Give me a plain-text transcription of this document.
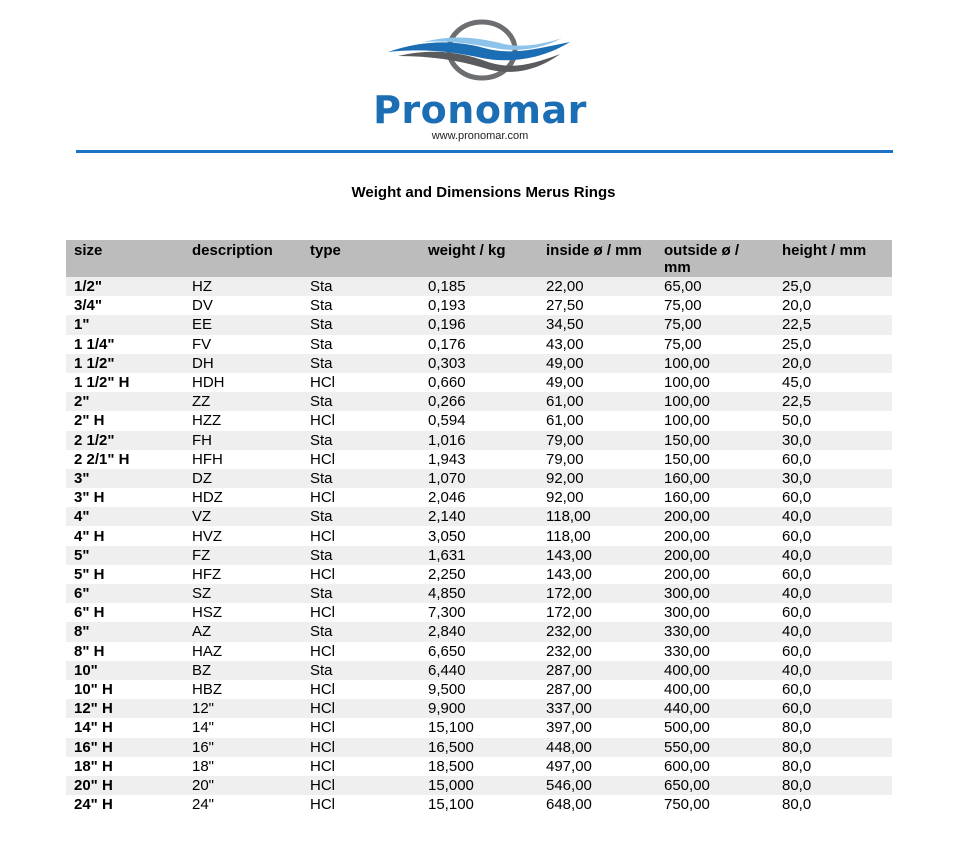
Pronomar
www.pronomar.com
Weight and Dimensions Merus Rings
size	description	type	weight / kg	inside ø / mm	outside ø / mm	height / mm
1/2"	HZ	Sta	0,185	22,00	65,00	25,0
3/4"	DV	Sta	0,193	27,50	75,00	20,0
1"	EE	Sta	0,196	34,50	75,00	22,5
1 1/4"	FV	Sta	0,176	43,00	75,00	25,0
1 1/2"	DH	Sta	0,303	49,00	100,00	20,0
1 1/2" H	HDH	HCl	0,660	49,00	100,00	45,0
2"	ZZ	Sta	0,266	61,00	100,00	22,5
2" H	HZZ	HCl	0,594	61,00	100,00	50,0
2 1/2"	FH	Sta	1,016	79,00	150,00	30,0
2 2/1" H	HFH	HCl	1,943	79,00	150,00	60,0
3"	DZ	Sta	1,070	92,00	160,00	30,0
3" H	HDZ	HCl	2,046	92,00	160,00	60,0
4"	VZ	Sta	2,140	118,00	200,00	40,0
4" H	HVZ	HCl	3,050	118,00	200,00	60,0
5"	FZ	Sta	1,631	143,00	200,00	40,0
5" H	HFZ	HCl	2,250	143,00	200,00	60,0
6"	SZ	Sta	4,850	172,00	300,00	40,0
6" H	HSZ	HCl	7,300	172,00	300,00	60,0
8"	AZ	Sta	2,840	232,00	330,00	40,0
8" H	HAZ	HCl	6,650	232,00	330,00	60,0
10"	BZ	Sta	6,440	287,00	400,00	40,0
10" H	HBZ	HCl	9,500	287,00	400,00	60,0
12" H	12"	HCl	9,900	337,00	440,00	60,0
14" H	14"	HCl	15,100	397,00	500,00	80,0
16" H	16"	HCl	16,500	448,00	550,00	80,0
18" H	18"	HCl	18,500	497,00	600,00	80,0
20" H	20"	HCl	15,000	546,00	650,00	80,0
24" H	24"	HCl	15,100	648,00	750,00	80,0
